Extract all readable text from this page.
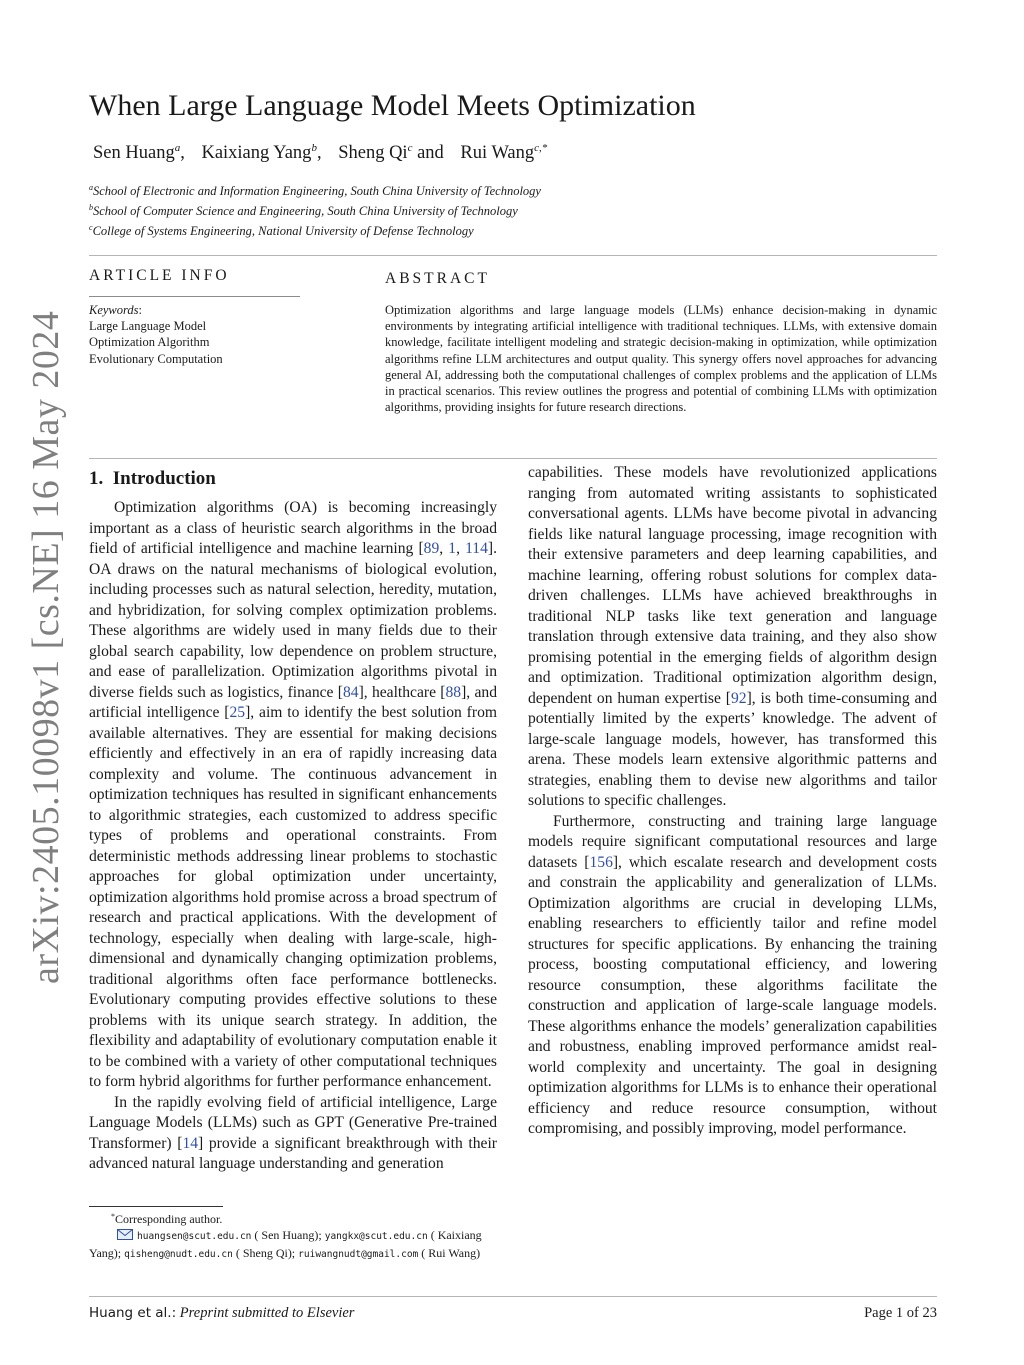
arXiv:2405.10098v1 [cs.NE] 16 May 2024
When Large Language Model Meets Optimization
Sen Huang$^a$, Kaixiang Yang$^b$, Sheng Qi$^c$ and Rui Wang$^{c,*}$
$^a$School of Electronic and Information Engineering, South China University of Technology
$^b$School of Computer Science and Engineering, South China University of Technology
$^c$College of Systems Engineering, National University of Defense Technology
ARTICLE INFO
Keywords:
Large Language Model
Optimization Algorithm
Evolutionary Computation
ABSTRACT
Optimization algorithms and large language models (LLMs) enhance decision-making in dynamic environments by integrating artificial intelligence with traditional techniques. LLMs, with extensive domain knowledge, facilitate intelligent modeling and strategic decision-making in optimization, while optimization algorithms refine LLM architectures and output quality. This synergy offers novel approaches for advancing general AI, addressing both the computational challenges of complex problems and the application of LLMs in practical scenarios. This review outlines the progress and potential of combining LLMs with optimization algorithms, providing insights for future research directions.
1. Introduction

Optimization algorithms (OA) is becoming increasingly important as a class of heuristic search algorithms in the broad field of artificial intelligence and machine learning [89, 1, 114]. OA draws on the natural mechanisms of biological evolution, including processes such as natural selection, heredity, mutation, and hybridization, for solving complex optimization problems. These algorithms are widely used in many fields due to their global search capability, low dependence on problem structure, and ease of parallelization. Optimization algorithms pivotal in diverse fields such as logistics, finance [84], healthcare [88], and artificial intelligence [25], aim to identify the best solution from available alternatives. They are essential for making decisions efficiently and effectively in an era of rapidly increasing data complexity and volume. The continuous advancement in optimization techniques has resulted in significant enhancements to algorithmic strategies, each customized to address specific types of problems and operational constraints. From deterministic methods addressing linear problems to stochastic approaches for global optimization under uncertainty, optimization algorithms hold promise across a broad spectrum of research and practical applications. With the development of technology, especially when dealing with large-scale, high-dimensional and dynamically changing optimization problems, traditional algorithms often face performance bottlenecks. Evolutionary computing provides effective solutions to these problems with its unique search strategy. In addition, the flexibility and adaptability of evolutionary computation enable it to be combined with a variety of other computational techniques to form hybrid algorithms for further performance enhancement.

In the rapidly evolving field of artificial intelligence, Large Language Models (LLMs) such as GPT (Generative Pre-trained Transformer) [14] provide a significant breakthrough with their advanced natural language understanding and generation

capabilities. These models have revolutionized applications ranging from automated writing assistants to sophisticated conversational agents. LLMs have become pivotal in advancing fields like natural language processing, image recognition with their extensive parameters and deep learning capabilities, and machine learning, offering robust solutions for complex data-driven challenges. LLMs have achieved breakthroughs in traditional NLP tasks like text generation and language translation through extensive data training, and they also show promising potential in the emerging fields of algorithm design and optimization. Traditional optimization algorithm design, dependent on human expertise [92], is both time-consuming and potentially limited by the experts’ knowledge. The advent of large-scale language models, however, has transformed this arena. These models learn extensive algorithmic patterns and strategies, enabling them to devise new algorithms and tailor solutions to specific challenges.

Furthermore, constructing and training large language models require significant computational resources and large datasets [156], which escalate research and development costs and constrain the applicability and generalization of LLMs. Optimization algorithms are crucial in developing LLMs, enabling researchers to efficiently tailor and refine model structures for specific applications. By enhancing the training process, boosting computational efficiency, and lowering resource consumption, these algorithms facilitate the construction and application of large-scale language models. These algorithms enhance the models’ generalization capabilities and robustness, enabling improved performance amidst real-world complexity and uncertainty. The goal in designing optimization algorithms for LLMs is to enhance their operational efficiency and reduce resource consumption, without compromising, and possibly improving, model performance.

*Corresponding author.
huangsen@scut.edu.cn ( Sen Huang); yangkx@scut.edu.cn ( Kaixiang Yang); qisheng@nudt.edu.cn ( Sheng Qi); ruiwangnudt@gmail.com ( Rui Wang)
Huang et al.: Preprint submitted to Elsevier	Page 1 of 23
